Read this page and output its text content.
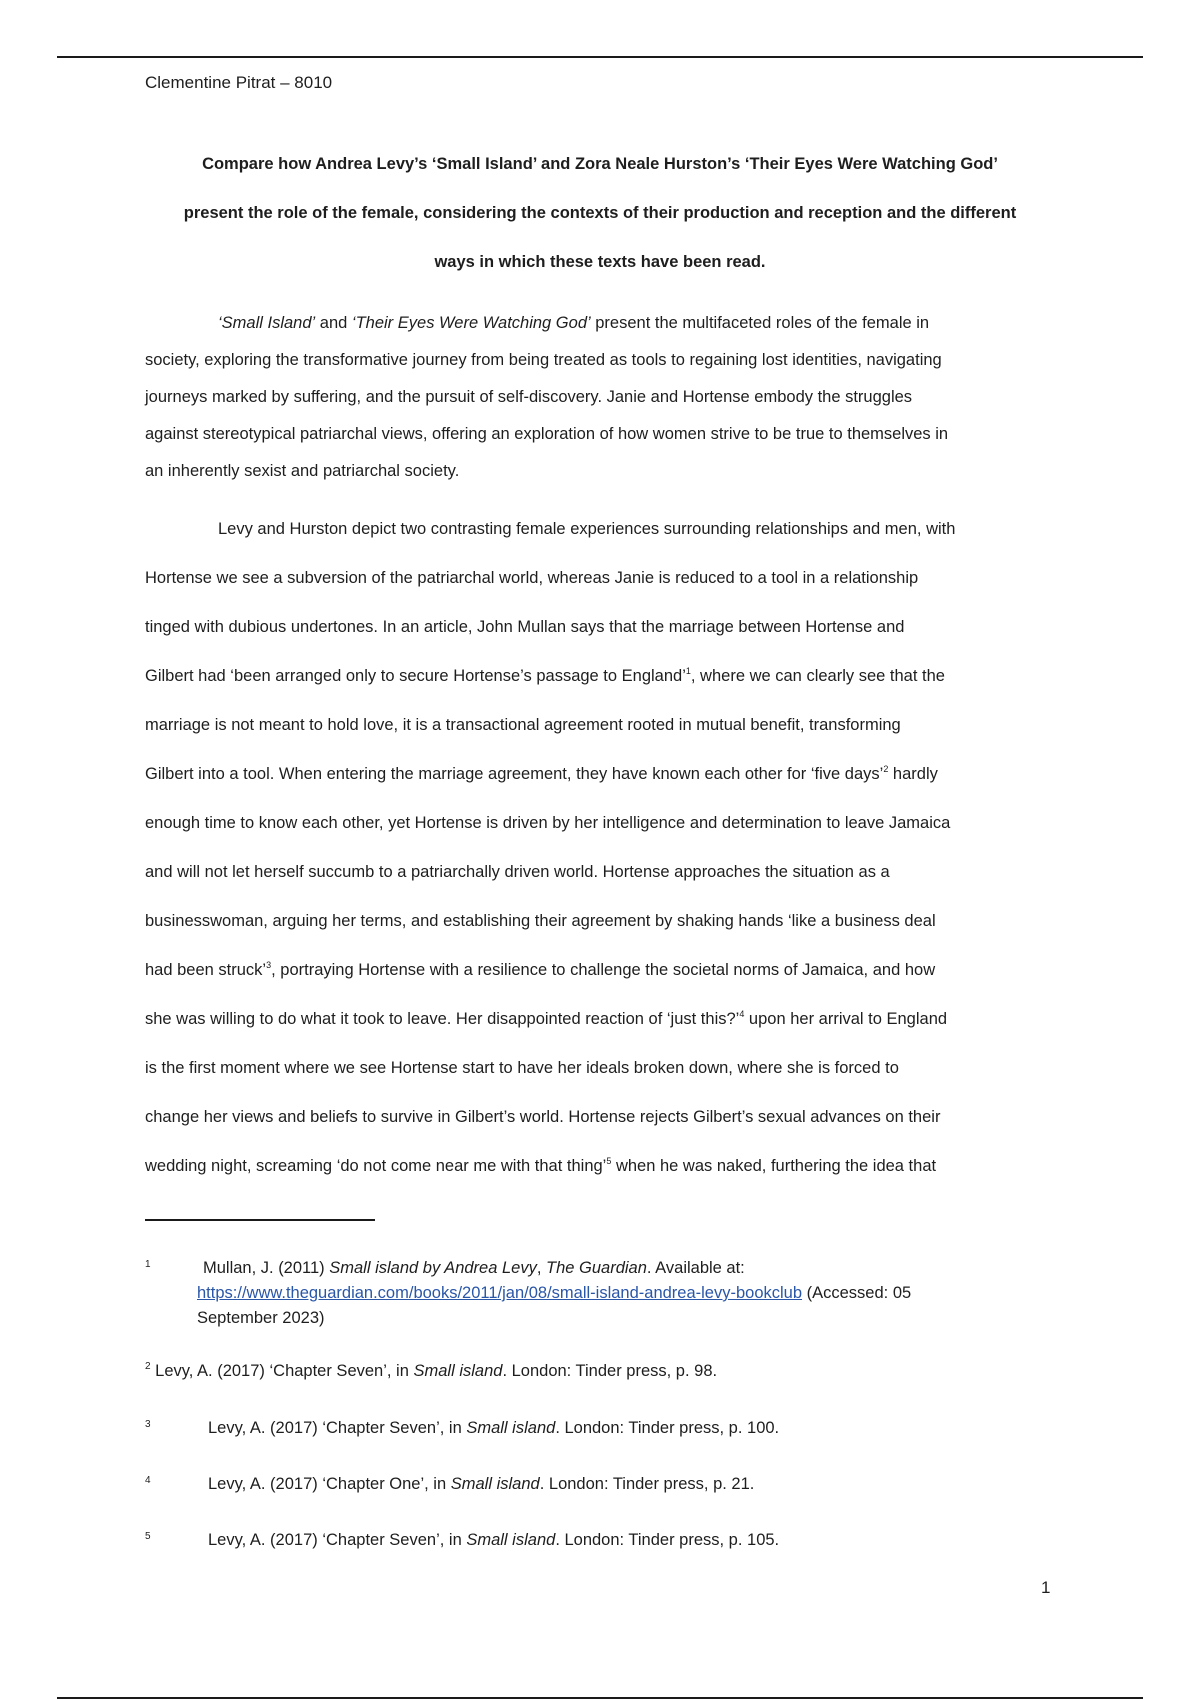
Clementine Pitrat – 8010
Compare how Andrea Levy’s ‘Small Island’ and Zora Neale Hurston’s ‘Their Eyes Were Watching God’
present the role of the female, considering the contexts of their production and reception and the different
ways in which these texts have been read.
‘Small Island’ and ‘Their Eyes Were Watching God’ present the multifaceted roles of the female in
society, exploring the transformative journey from being treated as tools to regaining lost identities, navigating
journeys marked by suffering, and the pursuit of self-discovery. Janie and Hortense embody the struggles
against stereotypical patriarchal views, offering an exploration of how women strive to be true to themselves in
an inherently sexist and patriarchal society.
Levy and Hurston depict two contrasting female experiences surrounding relationships and men, with
Hortense we see a subversion of the patriarchal world, whereas Janie is reduced to a tool in a relationship
tinged with dubious undertones. In an article, John Mullan says that the marriage between Hortense and
Gilbert had ‘been arranged only to secure Hortense’s passage to England’$^1$, where we can clearly see that the
marriage is not meant to hold love, it is a transactional agreement rooted in mutual benefit, transforming
Gilbert into a tool. When entering the marriage agreement, they have known each other for ‘five days’$^2$ hardly
enough time to know each other, yet Hortense is driven by her intelligence and determination to leave Jamaica
and will not let herself succumb to a patriarchally driven world. Hortense approaches the situation as a
businesswoman, arguing her terms, and establishing their agreement by shaking hands ‘like a business deal
had been struck’$^3$, portraying Hortense with a resilience to challenge the societal norms of Jamaica, and how
she was willing to do what it took to leave. Her disappointed reaction of ‘just this?’$^4$ upon her arrival to England
is the first moment where we see Hortense start to have her ideals broken down, where she is forced to
change her views and beliefs to survive in Gilbert’s world. Hortense rejects Gilbert’s sexual advances on their
wedding night, screaming ‘do not come near me with that thing’$^5$ when he was naked, furthering the idea that
1	Mullan, J. (2011) Small island by Andrea Levy, The Guardian. Available at:
https://www.theguardian.com/books/2011/jan/08/small-island-andrea-levy-bookclub (Accessed: 05
September 2023)
$^2$ Levy, A. (2017) ‘Chapter Seven’, in Small island. London: Tinder press, p. 98.
3	Levy, A. (2017) ‘Chapter Seven’, in Small island. London: Tinder press, p. 100.
4	Levy, A. (2017) ‘Chapter One’, in Small island. London: Tinder press, p. 21.
5	Levy, A. (2017) ‘Chapter Seven’, in Small island. London: Tinder press, p. 105.
1
